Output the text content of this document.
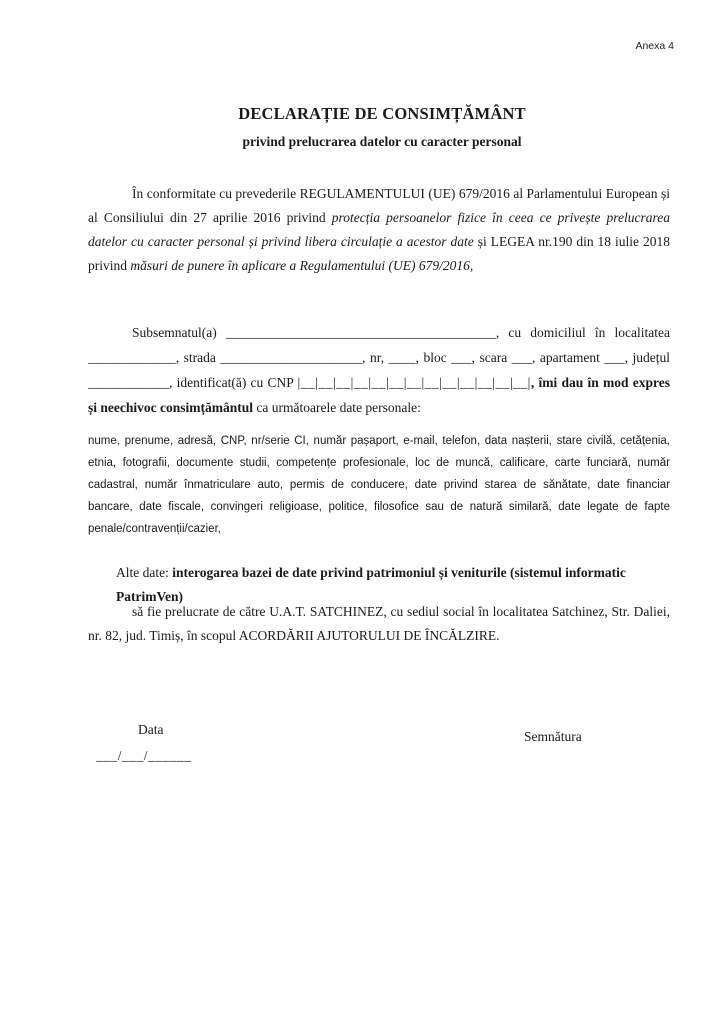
Anexa 4
DECLARAȚIE DE CONSIMȚĂMÂNT
privind prelucrarea datelor cu caracter personal
În conformitate cu prevederile REGULAMENTULUI (UE) 679/2016 al Parlamentului European și al Consiliului din 27 aprilie 2016 privind protecția persoanelor fizice în ceea ce privește prelucrarea datelor cu caracter personal și privind libera circulație a acestor date și LEGEA nr.190 din 18 iulie 2018 privind măsuri de punere în aplicare a Regulamentului (UE) 679/2016,
Subsemnatul(a) ________________________________________, cu domiciliul în localitatea _____________, strada _____________________, nr, ____, bloc ___, scara ___, apartament ___, județul ____________, identificat(ă) cu CNP |__|__|__|__|__|__|__|__|__|__|__|__|__|, îmi dau în mod expres și neechivoc consimțământul ca următoarele date personale:
nume, prenume, adresă, CNP, nr/serie CI, număr pașaport, e-mail, telefon, data nașterii, stare civilă, cetățenia, etnia, fotografii, documente studii, competențe profesionale, loc de muncă, calificare, carte funciară, număr cadastral, număr înmatriculare auto, permis de conducere, date privind starea de sănătate, date financiar bancare, date fiscale, convingeri religioase, politice, filosofice sau de natură similară, date legate de fapte penale/contravenții/cazier,
Alte date: interogarea bazei de date privind patrimoniul și veniturile (sistemul informatic PatrimVen)
să fie prelucrate de către U.A.T. SATCHINEZ, cu sediul social în localitatea Satchinez, Str. Daliei, nr. 82, jud. Timiș, în scopul ACORDĂRII AJUTORULUI DE ÎNCĂLZIRE.
Data
___/___/______
Semnătura
